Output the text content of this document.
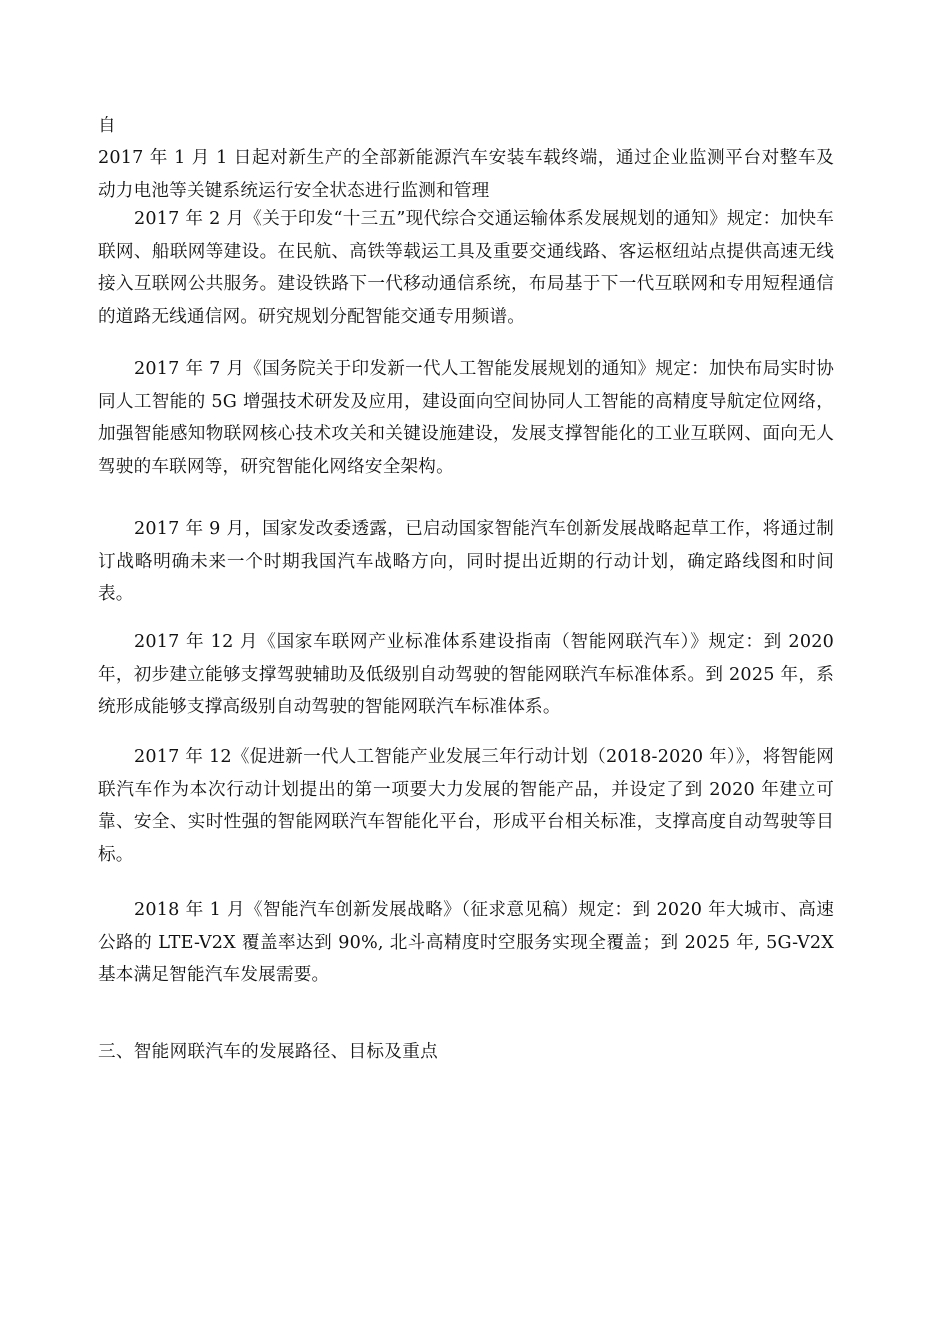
自
2017 年 1 月 1 日起对新生产的全部新能源汽车安装车载终端，通过企业监测平台对整车及动力电池等关键系统运行安全状态进行监测和管理
2017 年 2 月《关于印发“十三五”现代综合交通运输体系发展规划的通知》规定：加快车联网、船联网等建设。在民航、高铁等载运工具及重要交通线路、客运枢纽站点提供高速无线接入互联网公共服务。建设铁路下一代移动通信系统，布局基于下一代互联网和专用短程通信的道路无线通信网。研究规划分配智能交通专用频谱。
2017 年 7 月《国务院关于印发新一代人工智能发展规划的通知》规定：加快布局实时协同人工智能的 5G 增强技术研发及应用，建设面向空间协同人工智能的高精度导航定位网络，加强智能感知物联网核心技术攻关和关键设施建设，发展支撑智能化的工业互联网、面向无人驾驶的车联网等，研究智能化网络安全架构。
2017 年 9 月，国家发改委透露，已启动国家智能汽车创新发展战略起草工作，将通过制订战略明确未来一个时期我国汽车战略方向，同时提出近期的行动计划，确定路线图和时间表。
2017 年 12 月《国家车联网产业标准体系建设指南（智能网联汽车）》规定：到 2020 年，初步建立能够支撑驾驶辅助及低级别自动驾驶的智能网联汽车标准体系。到 2025 年，系统形成能够支撑高级别自动驾驶的智能网联汽车标准体系。
2017 年 12《促进新一代人工智能产业发展三年行动计划（2018-2020 年）》，将智能网联汽车作为本次行动计划提出的第一项要大力发展的智能产品，并设定了到 2020 年建立可靠、安全、实时性强的智能网联汽车智能化平台，形成平台相关标准，支撑高度自动驾驶等目标。
2018 年 1 月《智能汽车创新发展战略》（征求意见稿）规定：到 2020 年大城市、高速公路的 LTE-V2X 覆盖率达到 90%, 北斗高精度时空服务实现全覆盖；到 2025 年, 5G-V2X 基本满足智能汽车发展需要。
三、智能网联汽车的发展路径、目标及重点
